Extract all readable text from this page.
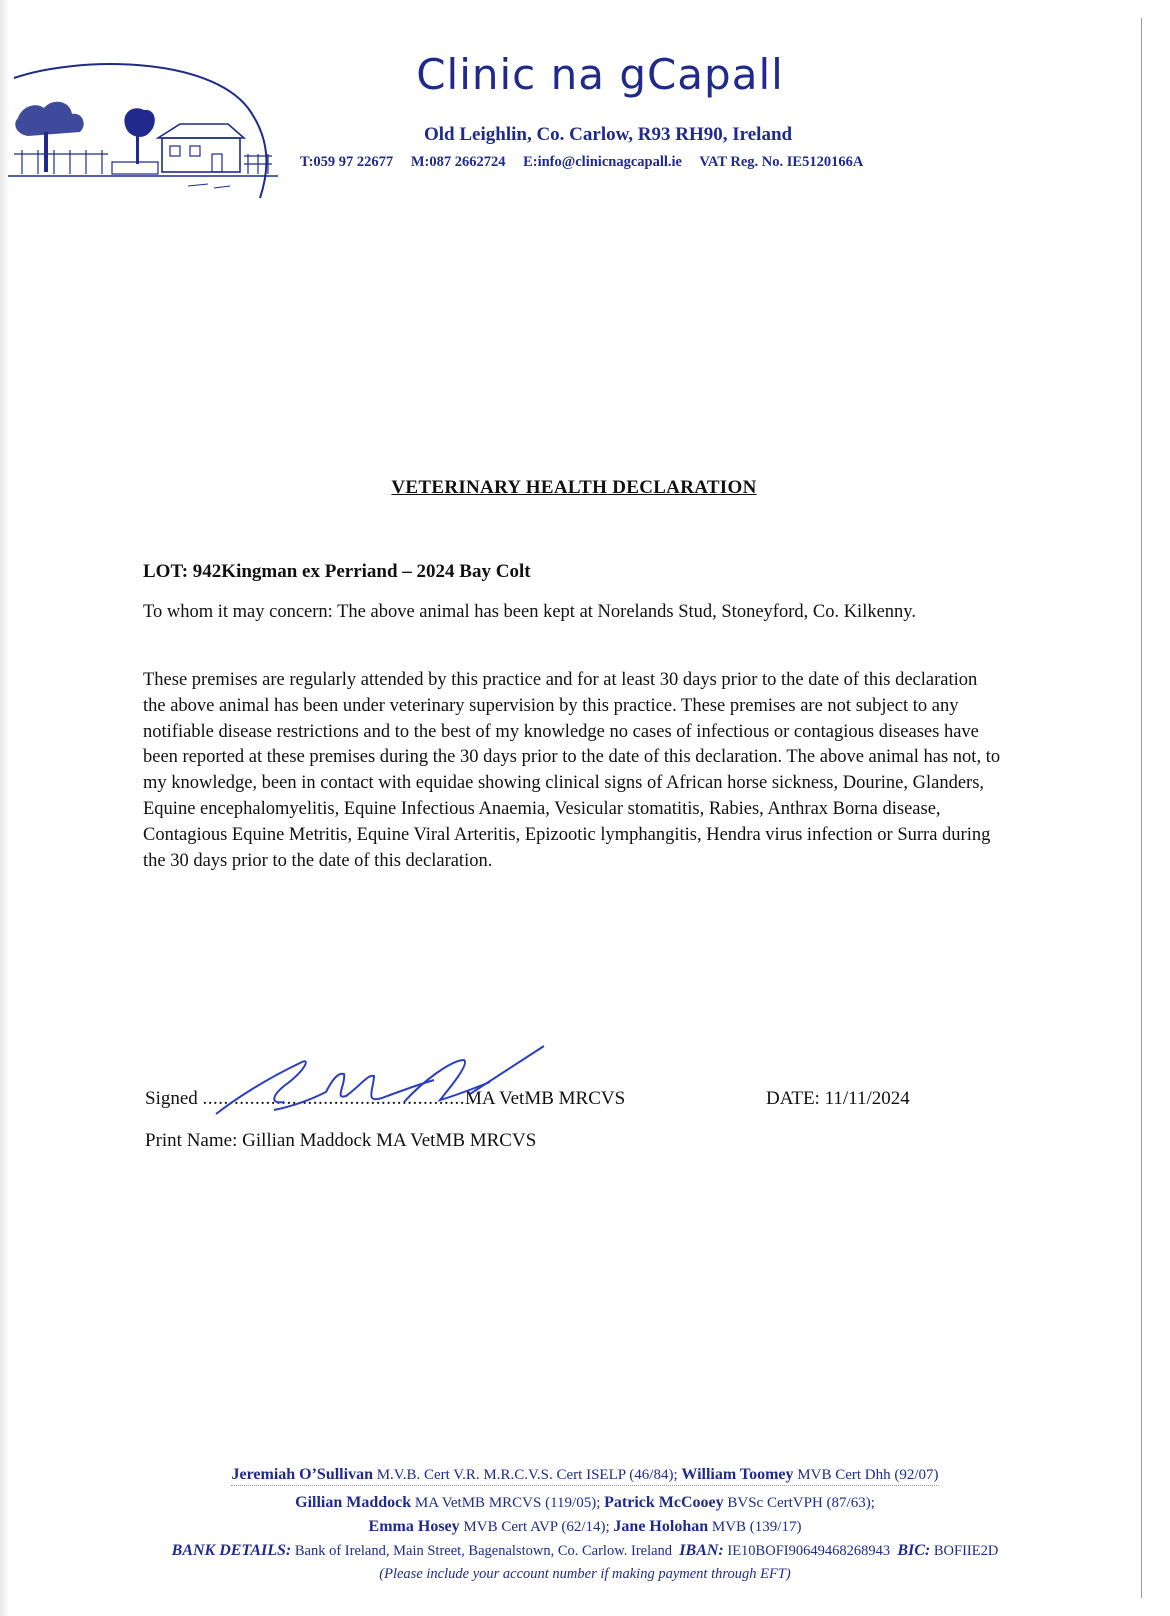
Clinic na gCapall
Old Leighlin, Co. Carlow, R93 RH90, Ireland
T:059 97 22677 M:087 2662724 E:info@clinicnagcapall.ie VAT Reg. No. IE5120166A
VETERINARY HEALTH DECLARATION
LOT: 942Kingman ex Perriand – 2024 Bay Colt
To whom it may concern: The above animal has been kept at Norelands Stud, Stoneyford, Co. Kilkenny.
These premises are regularly attended by this practice and for at least 30 days prior to the date of this declaration the above animal has been under veterinary supervision by this practice. These premises are not subject to any notifiable disease restrictions and to the best of my knowledge no cases of infectious or contagious diseases have been reported at these premises during the 30 days prior to the date of this declaration. The above animal has not, to my knowledge, been in contact with equidae showing clinical signs of African horse sickness, Dourine, Glanders, Equine encephalomyelitis, Equine Infectious Anaemia, Vesicular stomatitis, Rabies, Anthrax Borna disease, Contagious Equine Metritis, Equine Viral Arteritis, Epizootic lymphangitis, Hendra virus infection or Surra during the 30 days prior to the date of this declaration.
Signed ..................................................MA VetMB MRCVS	DATE: 11/11/2024
Print Name: Gillian Maddock MA VetMB MRCVS
Jeremiah O’Sullivan M.V.B. Cert V.R. M.R.C.V.S. Cert ISELP (46/84); William Toomey MVB Cert Dhh (92/07)
Gillian Maddock MA VetMB MRCVS (119/05); Patrick McCooey BVSc CertVPH (87/63);
Emma Hosey MVB Cert AVP (62/14); Jane Holohan MVB (139/17)
BANK DETAILS: Bank of Ireland, Main Street, Bagenalstown, Co. Carlow. Ireland IBAN: IE10BOFI90649468268943 BIC: BOFIIE2D
(Please include your account number if making payment through EFT)
